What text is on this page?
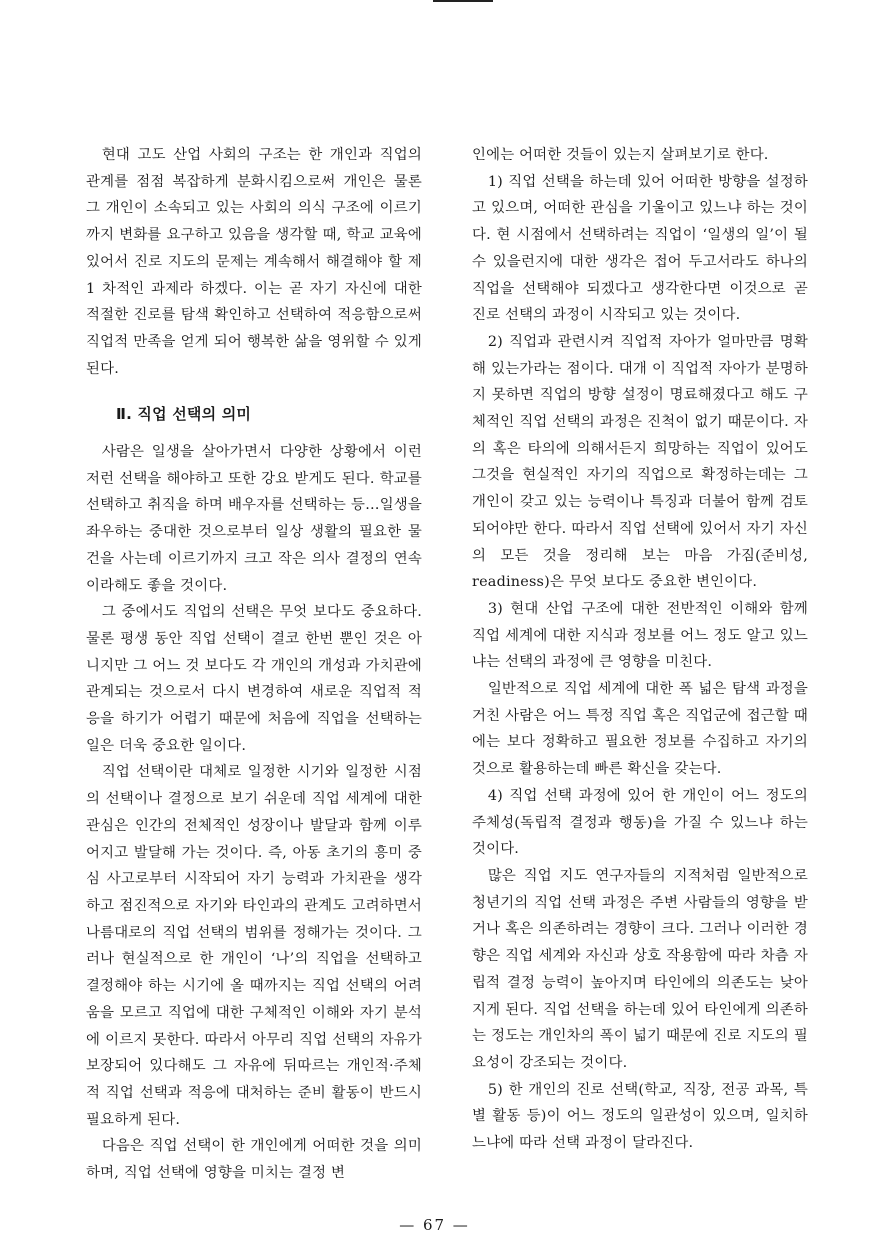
현대 고도 산업 사회의 구조는 한 개인과 직업의 관계를 점점 복잡하게 분화시킴으로써 개인은 물론 그 개인이 소속되고 있는 사회의 의식 구조에 이르기까지 변화를 요구하고 있음을 생각할 때, 학교 교육에 있어서 진로 지도의 문제는 계속해서 해결해야 할 제 1 차적인 과제라 하겠다. 이는 곧 자기 자신에 대한 적절한 진로를 탐색 확인하고 선택하여 적응함으로써 직업적 만족을 얻게 되어 행복한 삶을 영위할 수 있게 된다.

Ⅱ. 직업 선택의 의미

사람은 일생을 살아가면서 다양한 상황에서 이런 저런 선택을 해야하고 또한 강요 받게도 된다. 학교를 선택하고 취직을 하며 배우자를 선택하는 등…일생을 좌우하는 중대한 것으로부터 일상 생활의 필요한 물건을 사는데 이르기까지 크고 작은 의사 결정의 연속이라해도 좋을 것이다.

그 중에서도 직업의 선택은 무엇 보다도 중요하다. 물론 평생 동안 직업 선택이 결코 한번 뿐인 것은 아니지만 그 어느 것 보다도 각 개인의 개성과 가치관에 관계되는 것으로서 다시 변경하여 새로운 직업적 적응을 하기가 어렵기 때문에 처음에 직업을 선택하는 일은 더욱 중요한 일이다.

직업 선택이란 대체로 일정한 시기와 일정한 시점의 선택이나 결정으로 보기 쉬운데 직업 세계에 대한 관심은 인간의 전체적인 성장이나 발달과 함께 이루어지고 발달해 가는 것이다. 즉, 아동 초기의 흥미 중심 사고로부터 시작되어 자기 능력과 가치관을 생각하고 점진적으로 자기와 타인과의 관계도 고려하면서 나름대로의 직업 선택의 범위를 정해가는 것이다. 그러나 현실적으로 한 개인이 ‘나’의 직업을 선택하고 결정해야 하는 시기에 올 때까지는 직업 선택의 어려움을 모르고 직업에 대한 구체적인 이해와 자기 분석에 이르지 못한다. 따라서 아무리 직업 선택의 자유가 보장되어 있다해도 그 자유에 뒤따르는 개인적·주체적 직업 선택과 적응에 대처하는 준비 활동이 반드시 필요하게 된다.

다음은 직업 선택이 한 개인에게 어떠한 것을 의미하며, 직업 선택에 영향을 미치는 결정 변

인에는 어떠한 것들이 있는지 살펴보기로 한다.

1) 직업 선택을 하는데 있어 어떠한 방향을 설정하고 있으며, 어떠한 관심을 기울이고 있느냐 하는 것이다. 현 시점에서 선택하려는 직업이 ‘일생의 일’이 될 수 있을런지에 대한 생각은 접어 두고서라도 하나의 직업을 선택해야 되겠다고 생각한다면 이것으로 곧 진로 선택의 과정이 시작되고 있는 것이다.

2) 직업과 관련시켜 직업적 자아가 얼마만큼 명확해 있는가라는 점이다. 대개 이 직업적 자아가 분명하지 못하면 직업의 방향 설정이 명료해졌다고 해도 구체적인 직업 선택의 과정은 진척이 없기 때문이다. 자의 혹은 타의에 의해서든지 희망하는 직업이 있어도 그것을 현실적인 자기의 직업으로 확정하는데는 그 개인이 갖고 있는 능력이나 특징과 더불어 함께 검토 되어야만 한다. 따라서 직업 선택에 있어서 자기 자신의 모든 것을 정리해 보는 마음 가짐(준비성, readiness)은 무엇 보다도 중요한 변인이다.

3) 현대 산업 구조에 대한 전반적인 이해와 함께 직업 세계에 대한 지식과 정보를 어느 정도 알고 있느냐는 선택의 과정에 큰 영향을 미친다.

일반적으로 직업 세계에 대한 폭 넓은 탐색 과정을 거친 사람은 어느 특정 직업 혹은 직업군에 접근할 때에는 보다 정확하고 필요한 정보를 수집하고 자기의 것으로 활용하는데 빠른 확신을 갖는다.

4) 직업 선택 과정에 있어 한 개인이 어느 정도의 주체성(독립적 결정과 행동)을 가질 수 있느냐 하는 것이다.

많은 직업 지도 연구자들의 지적처럼 일반적으로 청년기의 직업 선택 과정은 주변 사람들의 영향을 받거나 혹은 의존하려는 경향이 크다. 그러나 이러한 경향은 직업 세계와 자신과 상호 작용함에 따라 차츰 자립적 결정 능력이 높아지며 타인에의 의존도는 낮아지게 된다. 직업 선택을 하는데 있어 타인에게 의존하는 정도는 개인차의 폭이 넓기 때문에 진로 지도의 필요성이 강조되는 것이다.

5) 한 개인의 진로 선택(학교, 직장, 전공 과목, 특별 활동 등)이 어느 정도의 일관성이 있으며, 일치하느냐에 따라 선택 과정이 달라진다.

— 67 —
